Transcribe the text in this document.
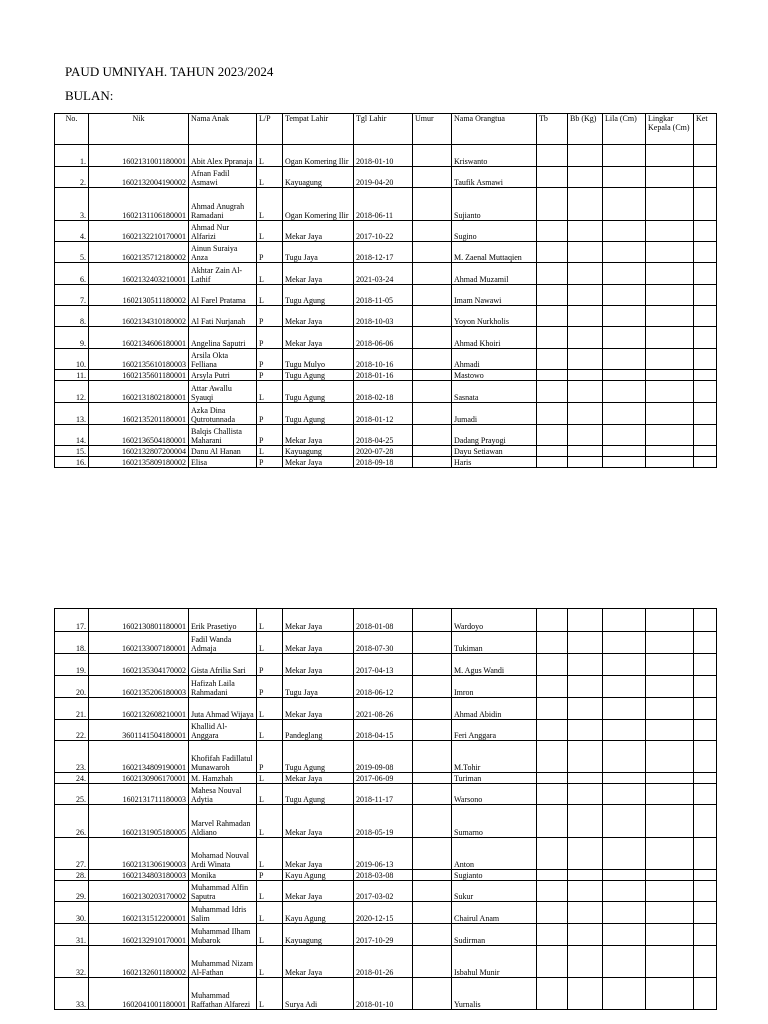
PAUD UMNIYAH. TAHUN 2023/2024
BULAN:
No.	Nik	Nama Anak	L/P	Tempat Lahir	Tgl Lahir	Umur	Nama Orangtua	Tb	Bb (Kg)	Lila (Cm)	Lingkar Kepala (Cm)	Ket
1.	1602131001180001	Abit Alex Ppranaja	L	Ogan Komering Ilir	2018-01-10		Kriswanto					
2.	1602132004190002	Afnan Fadil Asmawi	L	Kayuagung	2019-04-20		Taufik Asmawi					
3.	1602131106180001	Ahmad Anugrah Ramadani	L	Ogan Komering Ilir	2018-06-11		Sujianto					
4.	1602132210170001	Ahmad Nur Alfarizi	L	Mekar Jaya	2017-10-22		Sugino					
5.	1602135712180002	Ainun Suraiya Anza	P	Tugu Jaya	2018-12-17		M. Zaenal Muttaqien					
6.	1602132403210001	Akhtar Zain Al-Lathif	L	Mekar Jaya	2021-03-24		Ahmad Muzamil					
7.	1602130511180002	Al Farel Pratama	L	Tugu Agung	2018-11-05		Imam Nawawi					
8.	1602134310180002	Al Fati Nurjanah	P	Mekar Jaya	2018-10-03		Yoyon Nurkholis					
9.	1602134606180001	Angelina Saputri	P	Mekar Jaya	2018-06-06		Ahmad Khoiri					
10.	1602135610180003	Arsila Okta Felliana	P	Tugu Mulyo	2018-10-16		Ahmadi					
11.	1602135601180001	Arsyla Putri	P	Tugu Agung	2018-01-16		Mastowo					
12.	1602131802180001	Attar Awallu Syauqi	L	Tugu Agung	2018-02-18		Sasnata					
13.	1602135201180001	Azka Dina Qutrotunnada	P	Tugu Agung	2018-01-12		Jumadi					
14.	1602136504180001	Balqis Challista Maharani	P	Mekar Jaya	2018-04-25		Dadang Prayogi					
15.	1602132807200004	Danu Al Hanan	L	Kayuagung	2020-07-28		Dayu Setiawan					
16.	1602135809180002	Elisa	P	Mekar Jaya	2018-09-18		Haris					
17.	1602130801180001	Erik Prasetiyo	L	Mekar Jaya	2018-01-08		Wardoyo					
18.	1602133007180001	Fadil Wanda Admaja	L	Mekar Jaya	2018-07-30		Tukiman					
19.	1602135304170002	Gista Afrilia Sari	P	Mekar Jaya	2017-04-13		M. Agus Wandi					
20.	1602135206180003	Hafizah Laila Rahmadani	P	Tugu Jaya	2018-06-12		Imron					
21.	1602132608210001	Juta Ahmad Wijaya	L	Mekar Jaya	2021-08-26		Ahmad Abidin					
22.	3601141504180001	Khallid Al-Anggara	L	Pandeglang	2018-04-15		Feri Anggara					
23.	1602134809190001	Khofifah Fadillatul Munawaroh	P	Tugu Agung	2019-09-08		M.Tohir					
24.	1602130906170001	M. Hamzhah	L	Mekar Jaya	2017-06-09		Turiman					
25.	1602131711180003	Mahesa Nouval Adytia	L	Tugu Agung	2018-11-17		Warsono					
26.	1602131905180005	Marvel Rahmadan Aldiano	L	Mekar Jaya	2018-05-19		Sumarno					
27.	1602131306190003	Mohamad Nouval Ardi Winata	L	Mekar Jaya	2019-06-13		Anton					
28.	1602134803180003	Monika	P	Kayu Agung	2018-03-08		Sugianto					
29.	1602130203170002	Muhammad Alfin Saputra	L	Mekar Jaya	2017-03-02		Sukur					
30.	1602131512200001	Muhammad Idris Salim	L	Kayu Agung	2020-12-15		Chairul Anam					
31.	1602132910170001	Muhammad Ilham Mubarok	L	Kayuagung	2017-10-29		Sudirman					
32.	1602132601180002	Muhammad Nizam Al-Fathan	L	Mekar Jaya	2018-01-26		Isbahul Munir					
33.	1602041001180001	Muhammad Raffathan Alfarezi	L	Surya Adi	2018-01-10		Yurnalis					
